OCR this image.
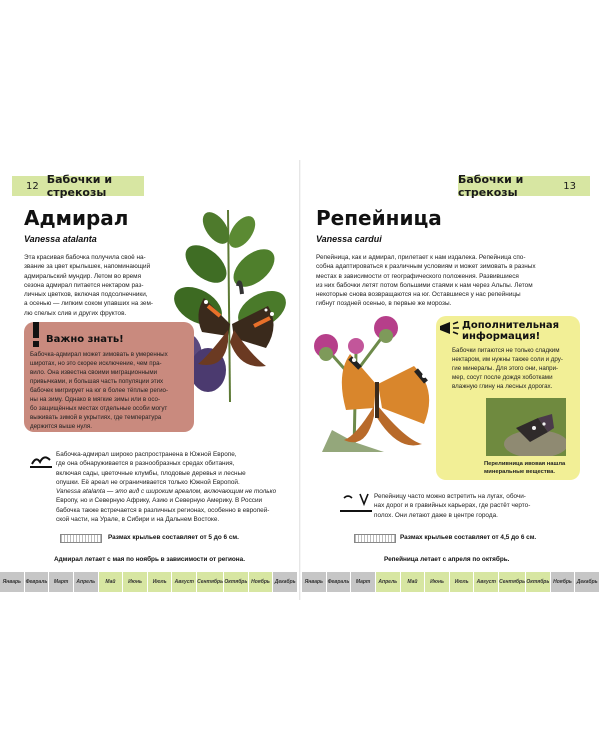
12 Бабочки и стрекозы
Адмирал
Vanessa atalanta
Эта красивая бабочка получила своё на-
звание за цвет крылышек, напоминающий
адмиральский мундир. Летом во время
сезона адмирал питается нектаром раз-
личных цветков, включая подсолнечники,
а осенью — липким соком упавших на зем-
лю спелых слив и других фруктов.
Важно знать!
Бабочка-адмирал может зимовать в умеренных
широтах, но это скорее исключение, чем пра-
вило. Она известна своими миграционными
привычками, и большая часть популяции этих
бабочек мигрирует на юг в более тёплые регио-
ны на зиму. Однако в мягкие зимы или в осо-
бо защищённых местах отдельные особи могут
выживать зимой в укрытиях, где температура
держится выше нуля.
Бабочка-адмирал широко распространена в Южной Европе,
где она обнаруживается в разнообразных средах обитания,
включая сады, цветочные клумбы, плодовые деревья и лесные
опушки. Её ареал не ограничивается только Южной Европой.
Vanessa atalanta — это вид с широким ареалом, включающим не только
Европу, но и Северную Африку, Азию и Северную Америку. В России
бабочка также встречается в различных регионах, особенно в европей-
ской части, на Урале, в Сибири и на Дальнем Востоке.
Размах крыльев составляет от 5 до 6 см.
Адмирал летает с мая по ноябрь в зависимости от региона.
Январь Февраль	Март	Апрель	Май	Июнь	Июль	Август Сентябрь Октябрь Ноябрь Декабрь
Бабочки и стрекозы	13
Репейница
Vanessa cardui
Репейница, как и адмирал, прилетает к нам издалека. Репейница спо-
собна адаптироваться к различным условиям и может зимовать в разных
местах в зависимости от географического положения. Развившиеся
из них бабочки летят потом большими стаями к нам через Альпы. Летом
некоторые снова возвращаются на юг. Оставшиеся у нас репейницы
гибнут поздней осенью, в первые же морозы.
Дополнительная
информация!
Бабочки питаются не только сладким
нектаром, им нужны также соли и дру-
гие минералы. Для этого они, напри-
мер, сосут после дождя хоботками
влажную глину на лесных дорогах.
Переливница ивовая нашла
минеральные вещества.
Репейницу часто можно встретить на лугах, обочи-
нах дорог и в гравийных карьерах, где растёт черто-
полох. Они летают даже в центре города.
Размах крыльев составляет от 4,5 до 6 см.
Репейница летает с апреля по октябрь.
Январь Февраль	Март	Апрель	Май	Июнь	Июль	Август Сентябрь Октябрь Ноябрь Декабрь
